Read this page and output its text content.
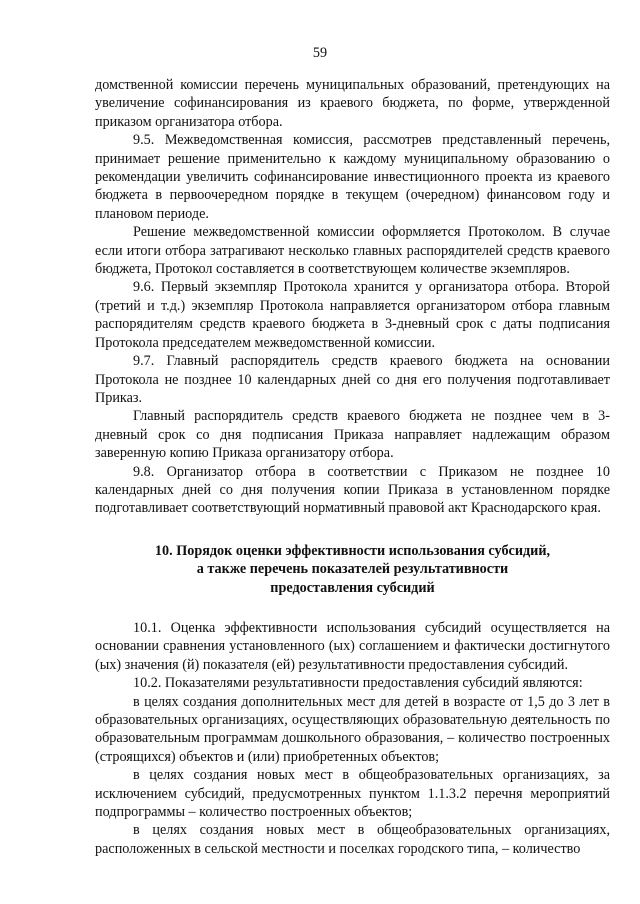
59

домственной комиссии перечень муниципальных образований, претендующих на увеличение софинансирования из краевого бюджета, по форме, утвержденной приказом организатора отбора.

9.5. Межведомственная комиссия, рассмотрев представленный перечень, принимает решение применительно к каждому муниципальному образованию о рекомендации увеличить софинансирование инвестиционного проекта из краевого бюджета в первоочередном порядке в текущем (очередном) финансовом году и плановом периоде.

Решение межведомственной комиссии оформляется Протоколом. В случае если итоги отбора затрагивают несколько главных распорядителей средств краевого бюджета, Протокол составляется в соответствующем количестве экземпляров.

9.6. Первый экземпляр Протокола хранится у организатора отбора. Второй (третий и т.д.) экземпляр Протокола направляется организатором отбора главным распорядителям средств краевого бюджета в 3-дневный срок с даты подписания Протокола председателем межведомственной комиссии.

9.7. Главный распорядитель средств краевого бюджета на основании Протокола не позднее 10 календарных дней со дня его получения подготавливает Приказ.

Главный распорядитель средств краевого бюджета не позднее чем в 3-дневный срок со дня подписания Приказа направляет надлежащим образом заверенную копию Приказа организатору отбора.

9.8. Организатор отбора в соответствии с Приказом не позднее 10 календарных дней со дня получения копии Приказа в установленном порядке подготавливает соответствующий нормативный правовой акт Краснодарского края.

10. Порядок оценки эффективности использования субсидий,
а также перечень показателей результативности
предоставления субсидий

10.1. Оценка эффективности использования субсидий осуществляется на основании сравнения установленного (ых) соглашением и фактически достигнутого (ых) значения (й) показателя (ей) результативности предоставления субсидий.

10.2. Показателями результативности предоставления субсидий являются:

в целях создания дополнительных мест для детей в возрасте от 1,5 до 3 лет в образовательных организациях, осуществляющих образовательную деятельность по образовательным программам дошкольного образования, – количество построенных (строящихся) объектов и (или) приобретенных объектов;

в целях создания новых мест в общеобразовательных организациях, за исключением субсидий, предусмотренных пунктом 1.1.3.2 перечня мероприятий подпрограммы – количество построенных объектов;

в целях создания новых мест в общеобразовательных организациях, расположенных в сельской местности и поселках городского типа, – количество
